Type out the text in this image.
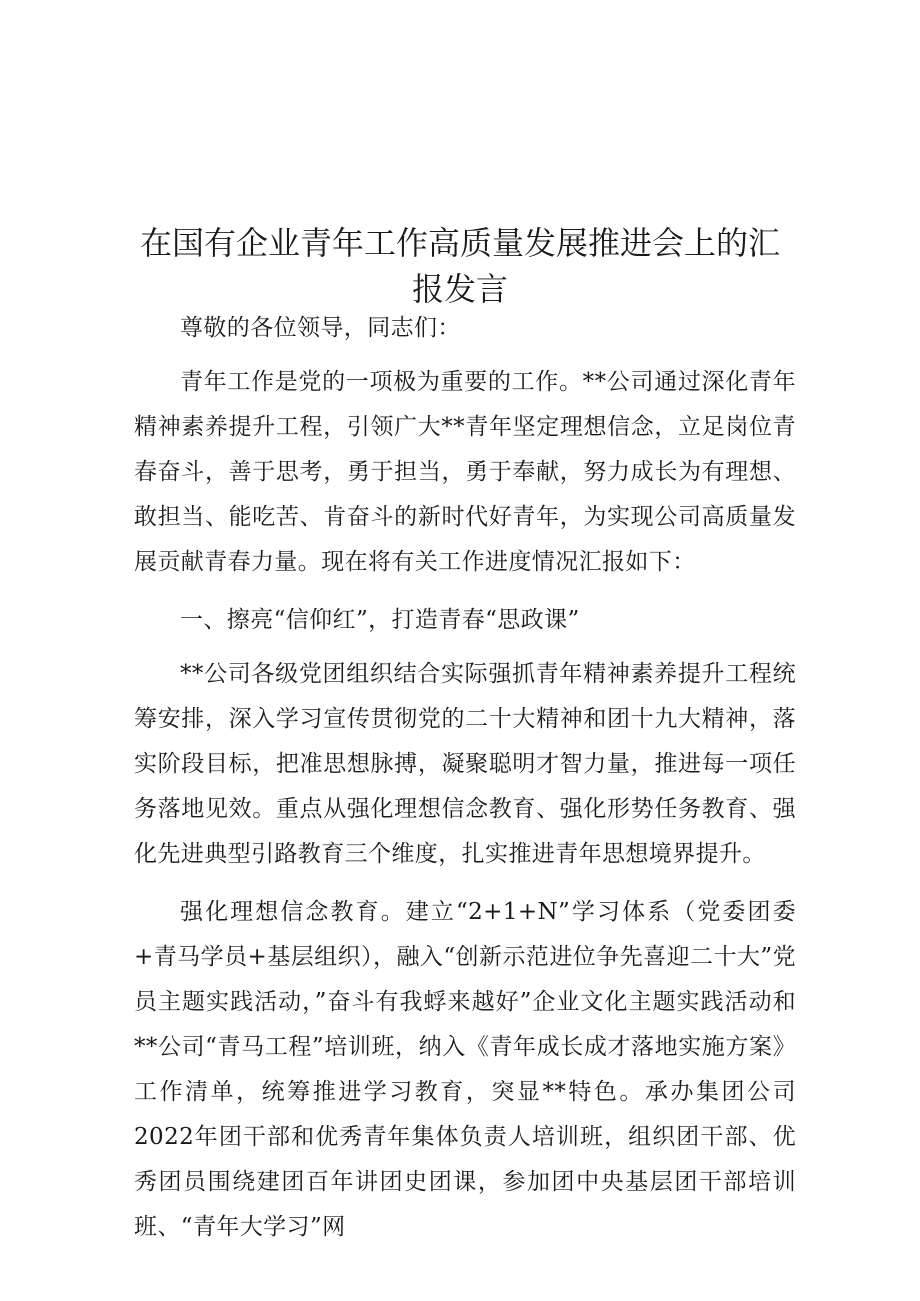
在国有企业青年工作高质量发展推进会上的汇
报发言

尊敬的各位领导，同志们：

青年工作是党的一项极为重要的工作。**公司通过深化青年精神素养提升工程，引领广大**青年坚定理想信念，立足岗位青春奋斗，善于思考，勇于担当，勇于奉献，努力成长为有理想、敢担当、能吃苦、肯奋斗的新时代好青年，为实现公司高质量发展贡献青春力量。现在将有关工作进度情况汇报如下：

一、擦亮“信仰红”，打造青春“思政课”

**公司各级党团组织结合实际强抓青年精神素养提升工程统筹安排，深入学习宣传贯彻党的二十大精神和团十九大精神，落实阶段目标，把准思想脉搏，凝聚聪明才智力量，推进每一项任务落地见效。重点从强化理想信念教育、强化形势任务教育、强化先进典型引路教育三个维度，扎实推进青年思想境界提升。

强化理想信念教育。建立“2+1+N”学习体系（党委团委+青马学员+基层组织），融入“创新示范进位争先喜迎二十大”党员主题实践活动，”奋斗有我蜉来越好”企业文化主题实践活动和**公司“青马工程”培训班，纳入《青年成长成才落地实施方案》工作清单，统筹推进学习教育，突显**特色。承办集团公司2022年团干部和优秀青年集体负责人培训班，组织团干部、优秀团员围绕建团百年讲团史团课，参加团中央基层团干部培训班、“青年大学习”网
